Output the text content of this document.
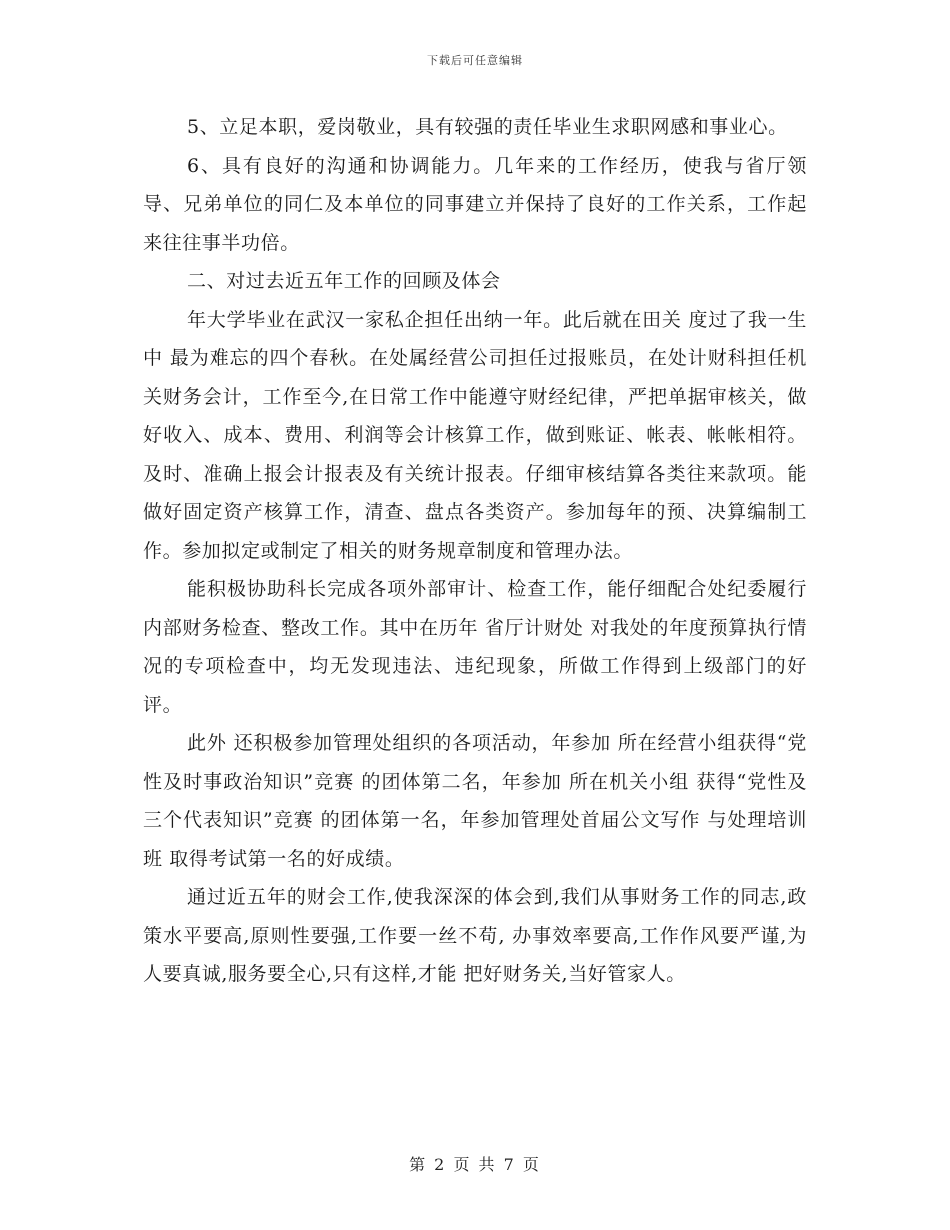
下载后可任意编辑

5、立足本职，爱岗敬业，具有较强的责任毕业生求职网感和事业心。

6、具有良好的沟通和协调能力。几年来的工作经历，使我与省厅领导、兄弟单位的同仁及本单位的同事建立并保持了良好的工作关系，工作起来往往事半功倍。

二、对过去近五年工作的回顾及体会

年大学毕业在武汉一家私企担任出纳一年。此后就在田关 度过了我一生中 最为难忘的四个春秋。在处属经营公司担任过报账员，在处计财科担任机关财务会计，工作至今,在日常工作中能遵守财经纪律，严把单据审核关，做好收入、成本、费用、利润等会计核算工作，做到账证、帐表、帐帐相符。及时、准确上报会计报表及有关统计报表。仔细审核结算各类往来款项。能做好固定资产核算工作，清查、盘点各类资产。参加每年的预、决算编制工作。参加拟定或制定了相关的财务规章制度和管理办法。

能积极协助科长完成各项外部审计、检查工作，能仔细配合处纪委履行内部财务检查、整改工作。其中在历年 省厅计财处 对我处的年度预算执行情况的专项检查中，均无发现违法、违纪现象，所做工作得到上级部门的好评。

此外 还积极参加管理处组织的各项活动，年参加 所在经营小组获得“党性及时事政治知识”竞赛 的团体第二名，年参加 所在机关小组 获得“党性及三个代表知识”竞赛 的团体第一名，年参加管理处首届公文写作 与处理培训班 取得考试第一名的好成绩。

通过近五年的财会工作,使我深深的体会到,我们从事财务工作的同志,政策水平要高,原则性要强,工作要一丝不苟, 办事效率要高,工作作风要严谨,为人要真诚,服务要全心,只有这样,才能 把好财务关,当好管家人。

第 2 页 共 7 页
